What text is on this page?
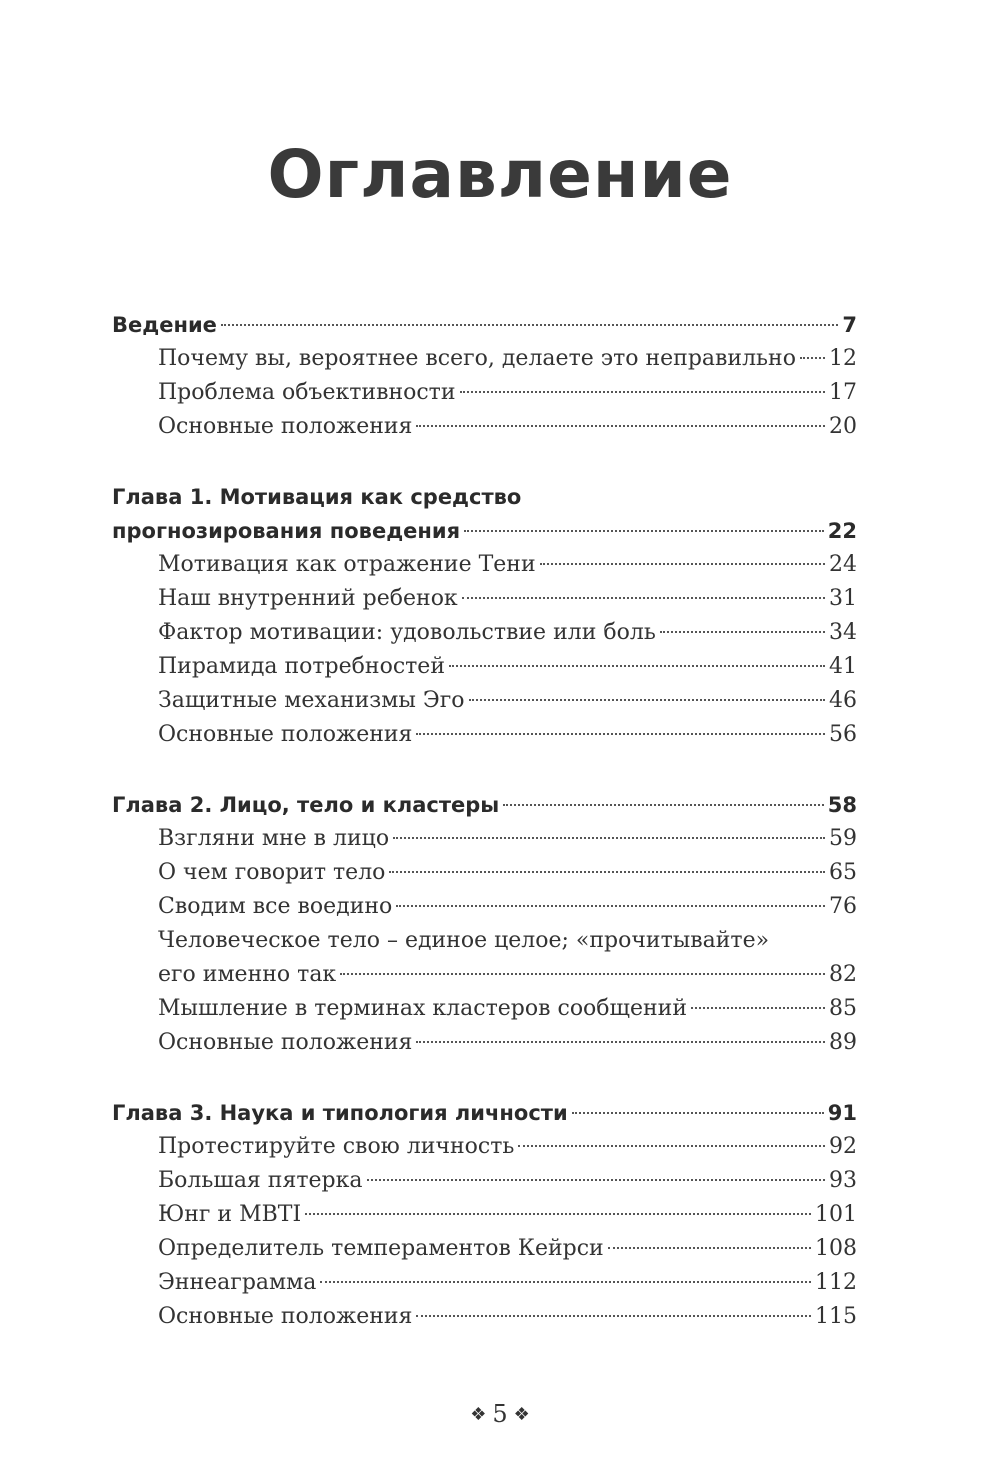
Оглавление
Ведение	7
Почему вы, вероятнее всего, делаете это неправильно 12
Проблема объективности	17
Основные положения	20
Глава 1. Мотивация как средство
прогнозирования поведения	22
Мотивация как отражение Тени	24
Наш внутренний ребенок	31
Фактор мотивации: удовольствие или боль	34
Пирамида потребностей	41
Защитные механизмы Эго	46
Основные положения	56
Глава 2. Лицо, тело и кластеры	58
Взгляни мне в лицо	59
О чем говорит тело	65
Сводим все воедино	76
Человеческое тело – единое целое; «прочитывайте»
его именно так	82
Мышление в терминах кластеров сообщений	85
Основные положения	89
Глава 3. Наука и типология личности	91
Протестируйте свою личность	92
Большая пятерка	93
Юнг и MBTI	101
Определитель темпераментов Кейрси	108
Эннеаграмма	112
Основные положения	115
❖ 5 ❖
